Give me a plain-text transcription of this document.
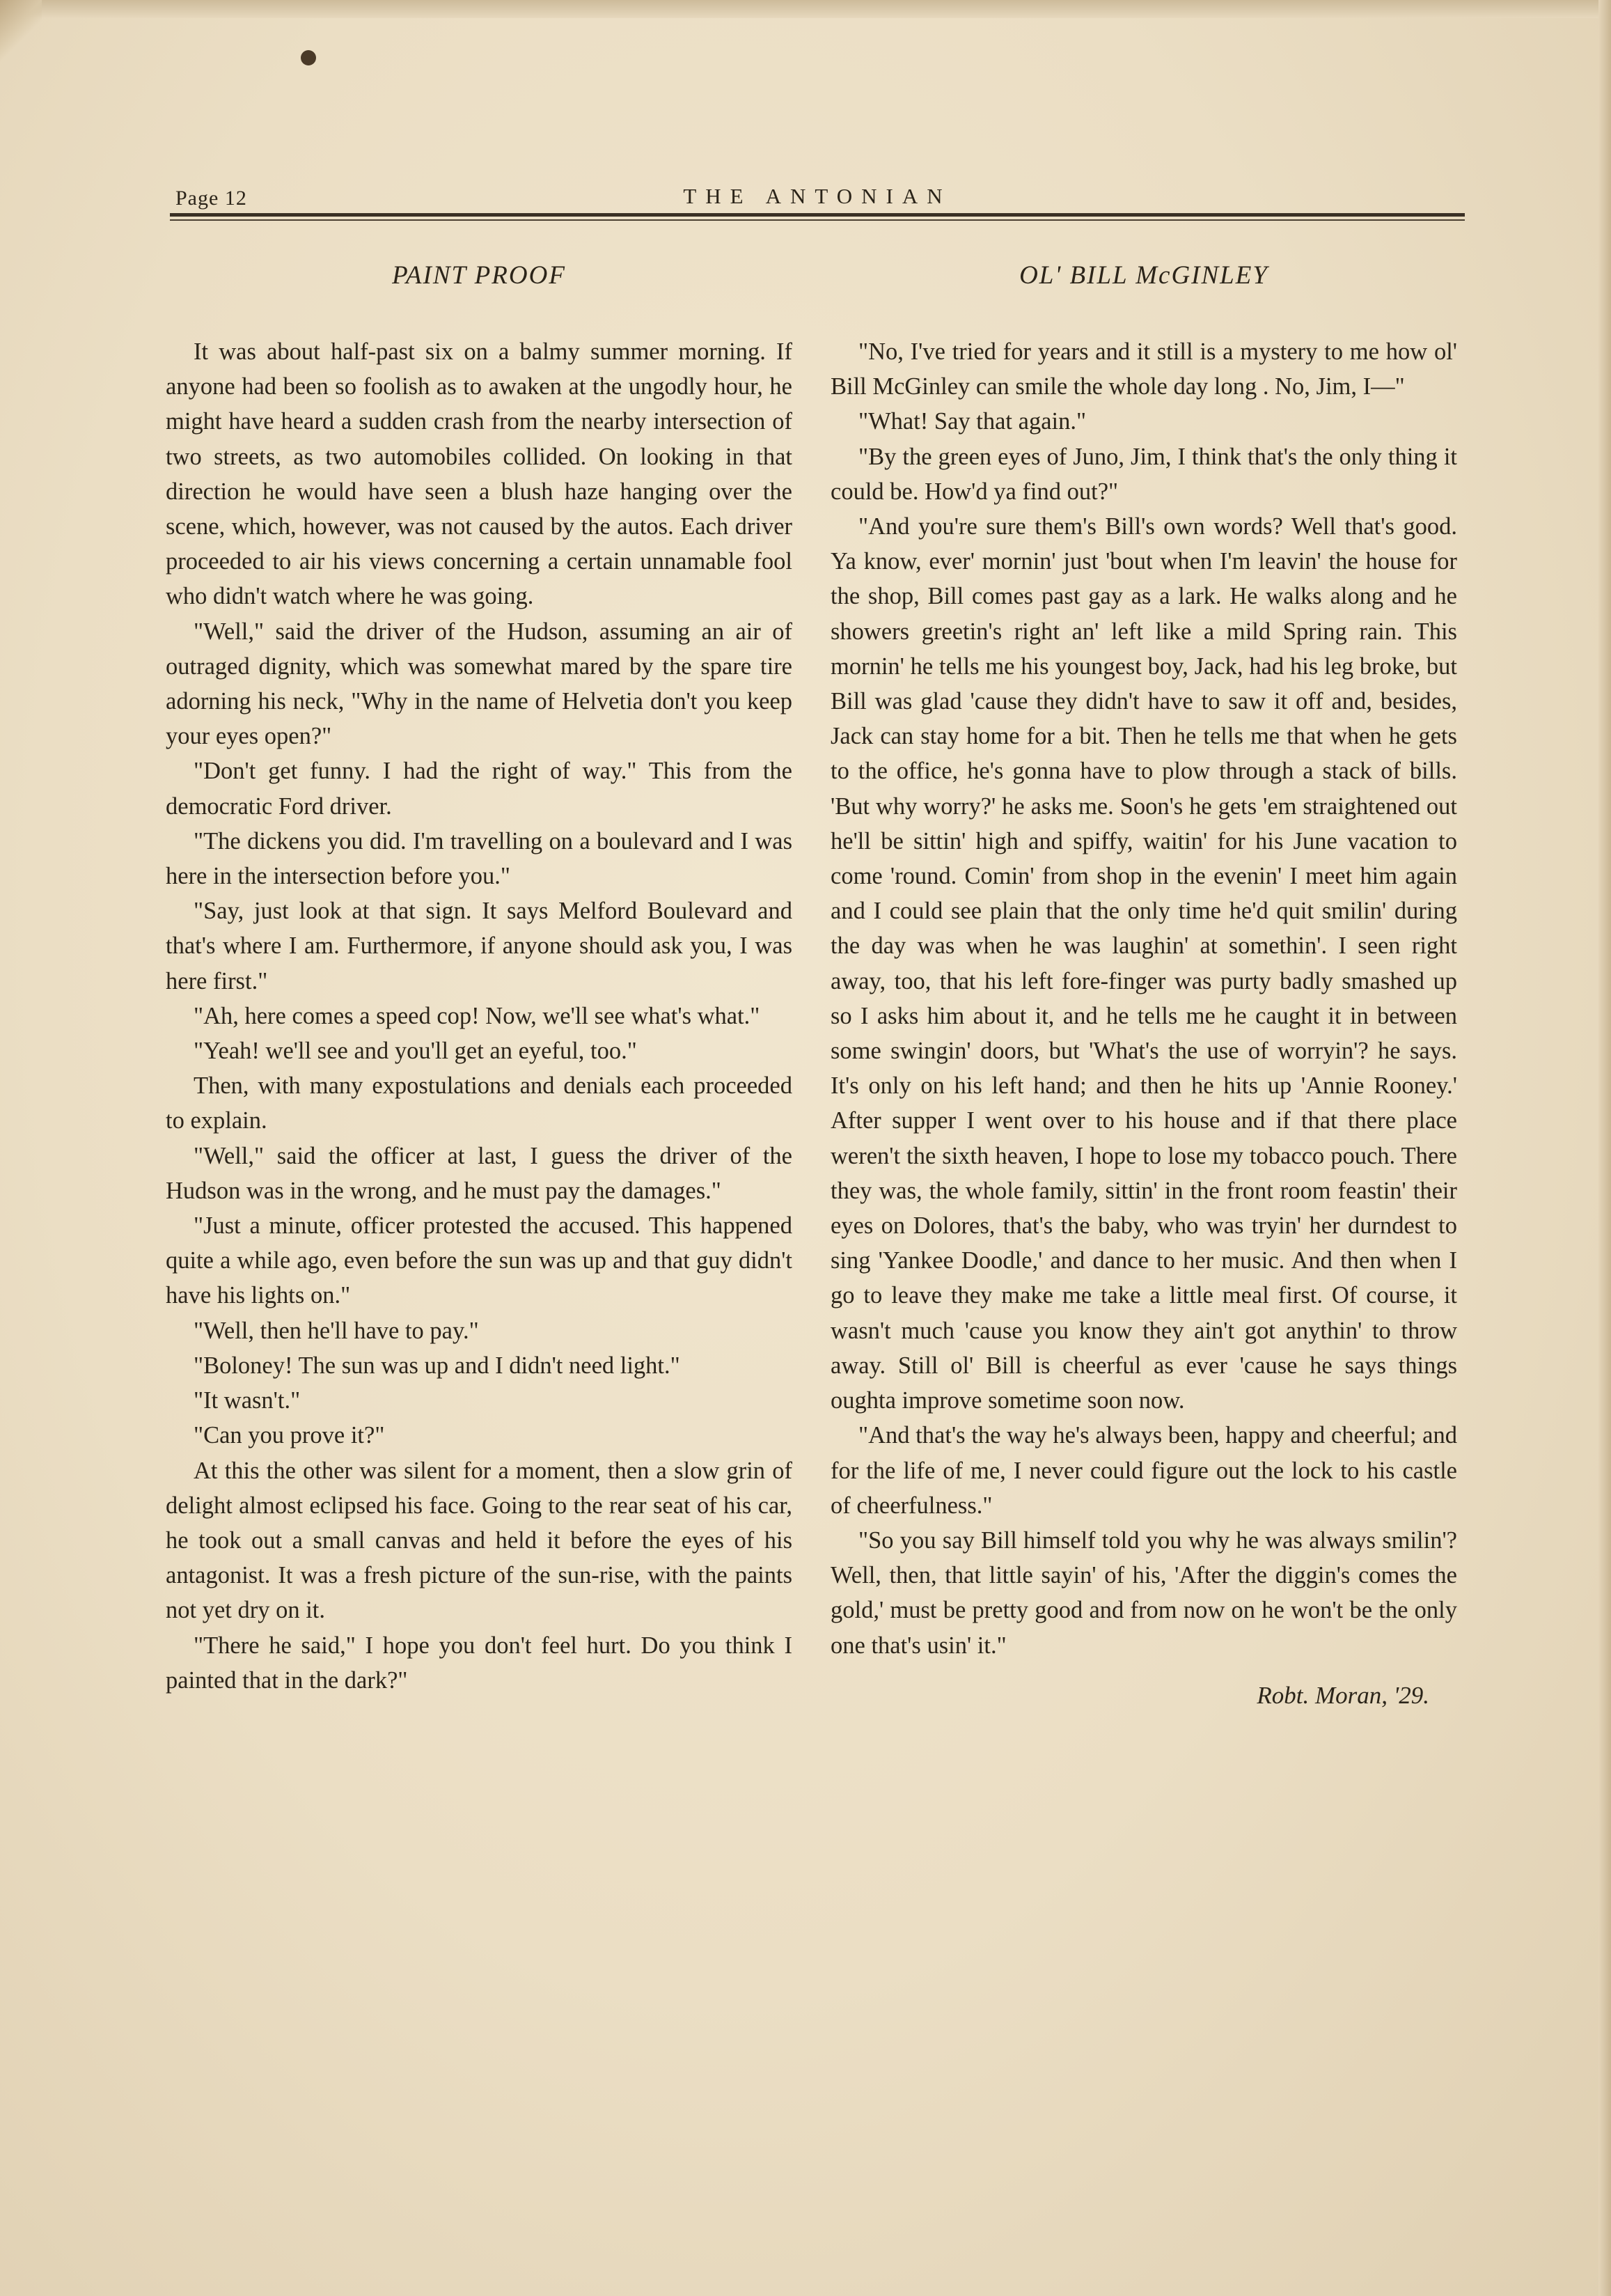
Page 12	THE ANTONIAN
PAINT PROOF

It was about half-past six on a balmy summer morning. If anyone had been so foolish as to awaken at the ungodly hour, he might have heard a sudden crash from the nearby intersection of two streets, as two automobiles collided. On looking in that direction he would have seen a blush haze hanging over the scene, which, however, was not caused by the autos. Each driver proceeded to air his views concerning a certain unnamable fool who didn't watch where he was going.

"Well," said the driver of the Hudson, assuming an air of outraged dignity, which was somewhat mared by the spare tire adorning his neck, "Why in the name of Helvetia don't you keep your eyes open?"

"Don't get funny. I had the right of way." This from the democratic Ford driver.

"The dickens you did. I'm travelling on a boulevard and I was here in the intersection before you."

"Say, just look at that sign. It says Melford Boulevard and that's where I am. Furthermore, if anyone should ask you, I was here first."

"Ah, here comes a speed cop! Now, we'll see what's what."

"Yeah! we'll see and you'll get an eyeful, too."

Then, with many expostulations and denials each proceeded to explain.

"Well," said the officer at last, I guess the driver of the Hudson was in the wrong, and he must pay the damages."

"Just a minute, officer protested the accused. This happened quite a while ago, even before the sun was up and that guy didn't have his lights on."

"Well, then he'll have to pay."

"Boloney! The sun was up and I didn't need light."

"It wasn't."

"Can you prove it?"

At this the other was silent for a moment, then a slow grin of delight almost eclipsed his face. Going to the rear seat of his car, he took out a small canvas and held it before the eyes of his antagonist. It was a fresh picture of the sun-rise, with the paints not yet dry on it.

"There he said," I hope you don't feel hurt. Do you think I painted that in the dark?"

OL' BILL McGINLEY

"No, I've tried for years and it still is a mystery to me how ol' Bill McGinley can smile the whole day long . No, Jim, I—"

"What! Say that again."

"By the green eyes of Juno, Jim, I think that's the only thing it could be. How'd ya find out?"

"And you're sure them's Bill's own words? Well that's good. Ya know, ever' mornin' just 'bout when I'm leavin' the house for the shop, Bill comes past gay as a lark. He walks along and he showers greetin's right an' left like a mild Spring rain. This mornin' he tells me his youngest boy, Jack, had his leg broke, but Bill was glad 'cause they didn't have to saw it off and, besides, Jack can stay home for a bit. Then he tells me that when he gets to the office, he's gonna have to plow through a stack of bills. 'But why worry?' he asks me. Soon's he gets 'em straightened out he'll be sittin' high and spiffy, waitin' for his June vacation to come 'round. Comin' from shop in the evenin' I meet him again and I could see plain that the only time he'd quit smilin' during the day was when he was laughin' at somethin'. I seen right away, too, that his left fore-finger was purty badly smashed up so I asks him about it, and he tells me he caught it in between some swingin' doors, but 'What's the use of worryin'? he says. It's only on his left hand; and then he hits up 'Annie Rooney.' After supper I went over to his house and if that there place weren't the sixth heaven, I hope to lose my tobacco pouch. There they was, the whole family, sittin' in the front room feastin' their eyes on Dolores, that's the baby, who was tryin' her durndest to sing 'Yankee Doodle,' and dance to her music. And then when I go to leave they make me take a little meal first. Of course, it wasn't much 'cause you know they ain't got anythin' to throw away. Still ol' Bill is cheerful as ever 'cause he says things oughta improve sometime soon now.

"And that's the way he's always been, happy and cheerful; and for the life of me, I never could figure out the lock to his castle of cheerfulness."

"So you say Bill himself told you why he was always smilin'? Well, then, that little sayin' of his, 'After the diggin's comes the gold,' must be pretty good and from now on he won't be the only one that's usin' it."

Robt. Moran, '29.
